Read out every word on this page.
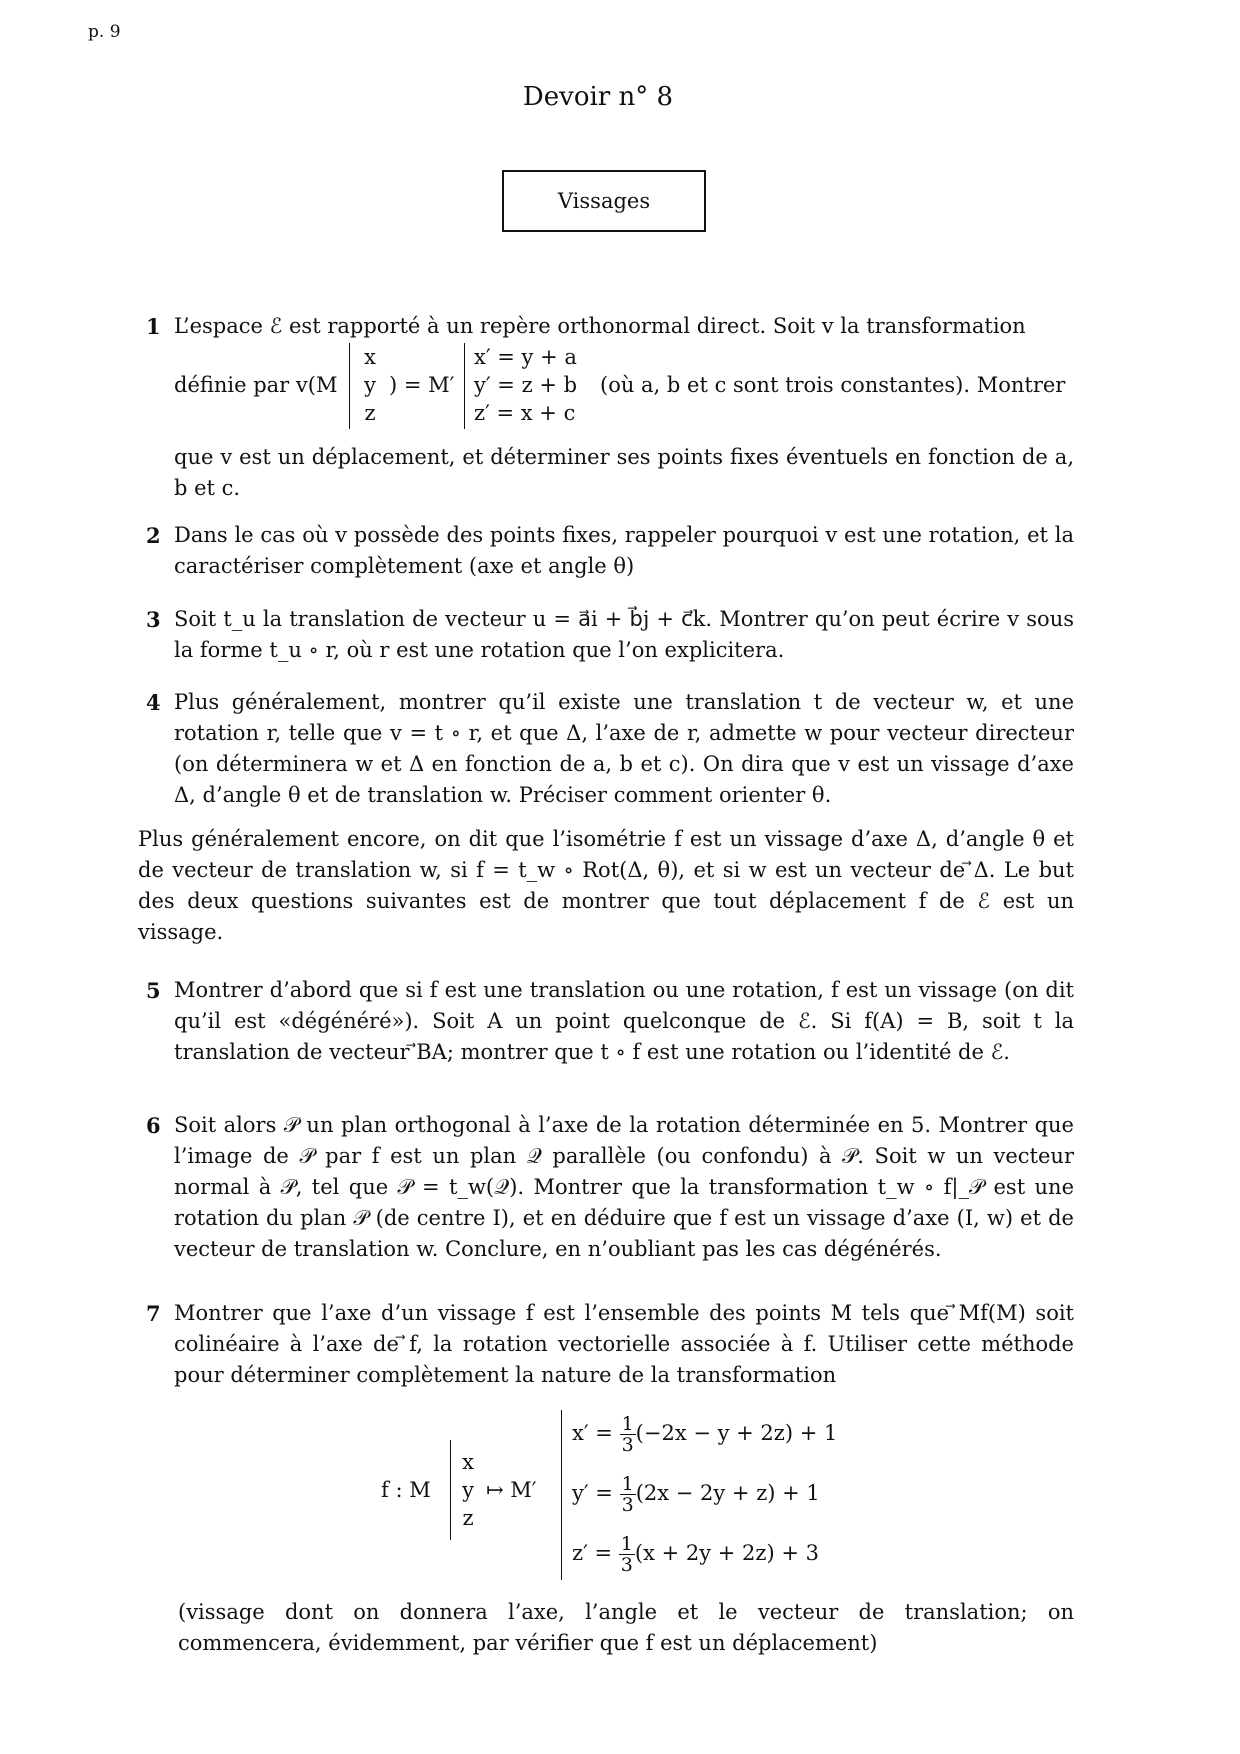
p. 9
Devoir n° 8
Vissages
1 L’espace ℰ est rapporté à un repère orthonormal direct. Soit v la transformation
définie par v(M
x
y
z
) = M′
x′ = y + a
y′ = z + b
z′ = x + c
(où a, b et c sont trois constantes). Montrer
que v est un déplacement, et déterminer ses points fixes éventuels en fonction de a, b et c.
2 Dans le cas où v possède des points fixes, rappeler pourquoi v est une rotation, et la caractériser complètement (axe et angle θ)
3 Soit t_u la translation de vecteur u = a⃗i + b⃗j + c⃗k. Montrer qu’on peut écrire v sous la forme t_u ∘ r, où r est une rotation que l’on explicitera.
4 Plus généralement, montrer qu’il existe une translation t de vecteur w, et une rotation r, telle que v = t ∘ r, et que Δ, l’axe de r, admette w pour vecteur directeur (on déterminera w et Δ en fonction de a, b et c). On dira que v est un vissage d’axe Δ, d’angle θ et de translation w. Préciser comment orienter θ.
Plus généralement encore, on dit que l’isométrie f est un vissage d’axe Δ, d’angle θ et de vecteur de translation w, si f = t_w ∘ Rot(Δ, θ), et si w est un vecteur de ⃗Δ. Le but des deux questions suivantes est de montrer que tout déplacement f de ℰ est un vissage.
5 Montrer d’abord que si f est une translation ou une rotation, f est un vissage (on dit qu’il est «dégénéré»). Soit A un point quelconque de ℰ. Si f(A) = B, soit t la translation de vecteur ⃗BA; montrer que t ∘ f est une rotation ou l’identité de ℰ.
6 Soit alors 𝒫 un plan orthogonal à l’axe de la rotation déterminée en 5. Montrer que l’image de 𝒫 par f est un plan 𝒬 parallèle (ou confondu) à 𝒫. Soit w un vecteur normal à 𝒫, tel que 𝒫 = t_w(𝒬). Montrer que la transformation t_w ∘ f|_𝒫 est une rotation du plan 𝒫 (de centre I), et en déduire que f est un vissage d’axe (I, w) et de vecteur de translation w. Conclure, en n’oubliant pas les cas dégénérés.
7 Montrer que l’axe d’un vissage f est l’ensemble des points M tels que ⃗Mf(M) soit colinéaire à l’axe de ⃗f, la rotation vectorielle associée à f. Utiliser cette méthode pour déterminer complètement la nature de la transformation
f : M
x
y
z
↦ M′
$x' = \frac{1}{3} (-2x - y + 2z) + 1$
$y' = \frac{1}{3} (2x - 2y + z) + 1$
$z' = \frac{1}{3} (x + 2y + 2z) + 3$
(vissage dont on donnera l’axe, l’angle et le vecteur de translation; on commencera, évidemment, par vérifier que f est un déplacement)
